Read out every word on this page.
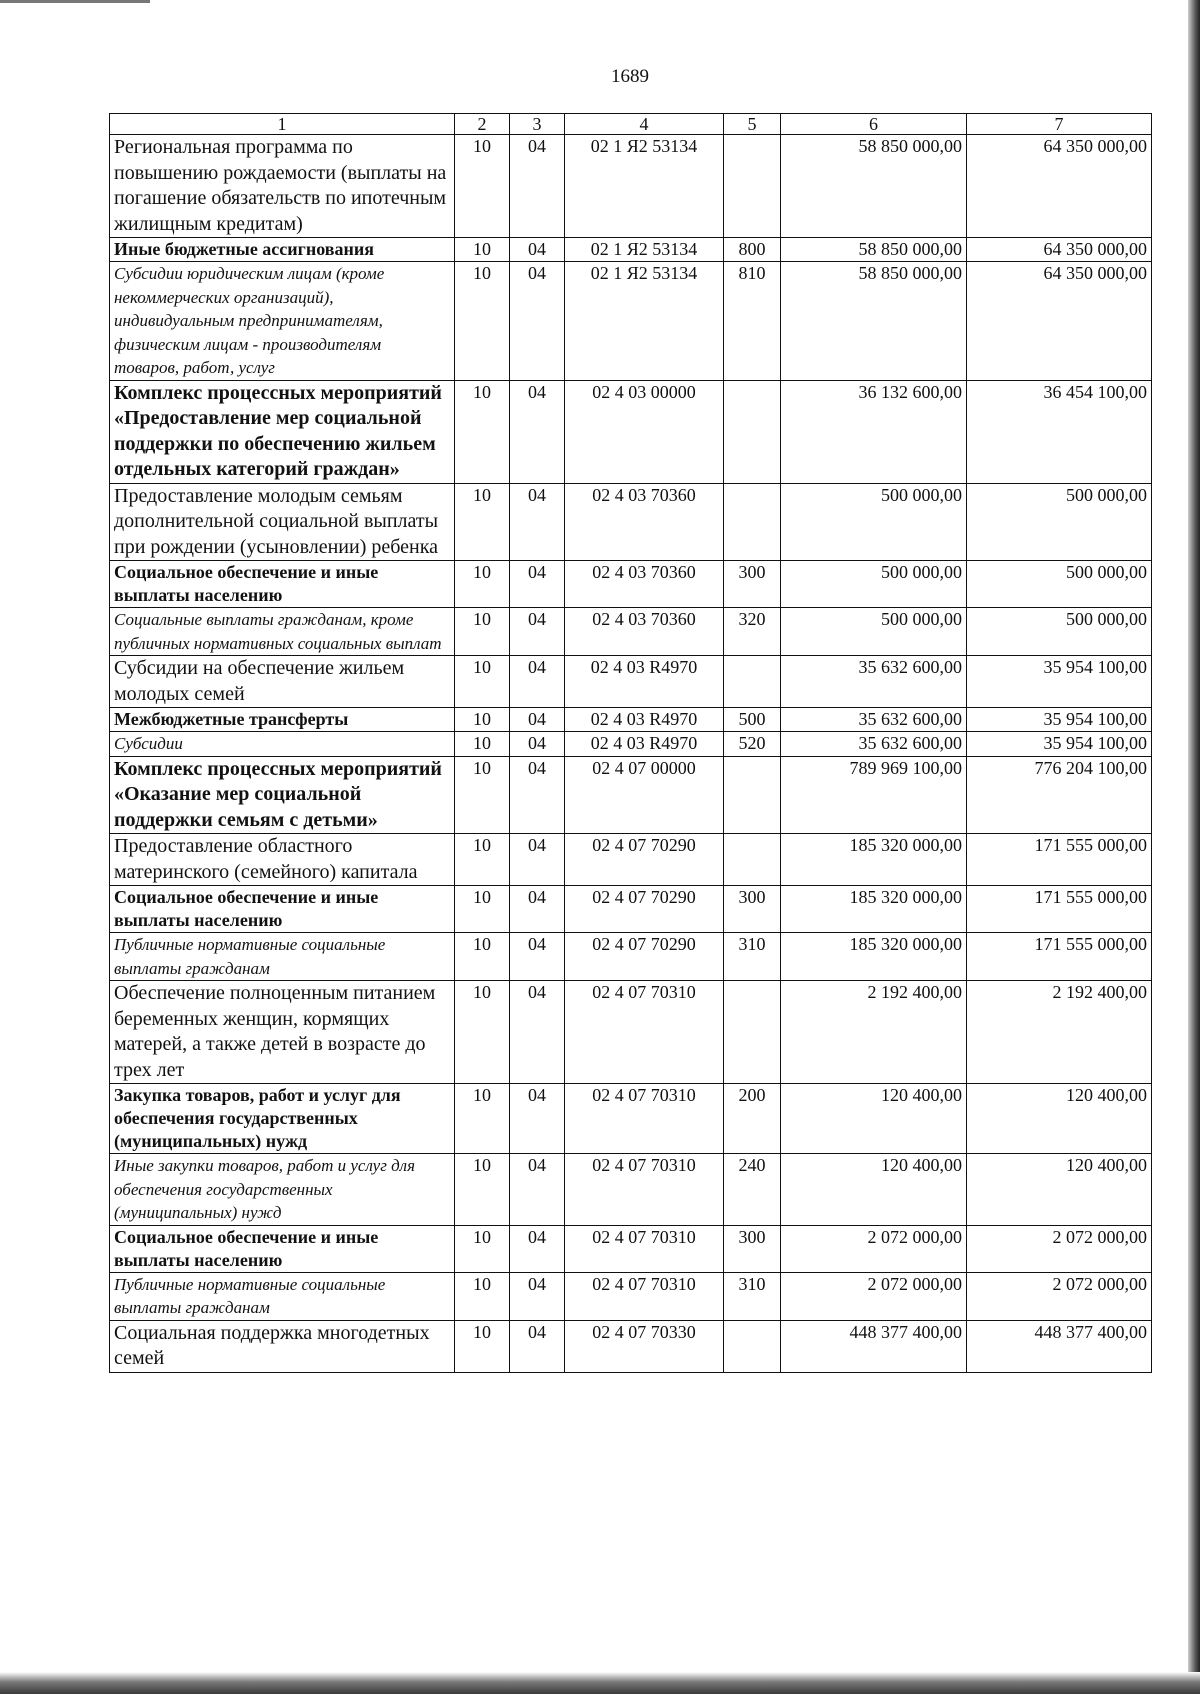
1689
1	2	3	4	5	6	7
Региональная программа по повышению рождаемости (выплаты на погашение обязательств по ипотечным жилищным кредитам)	10	04	02 1 Я2 53134		58 850 000,00	64 350 000,00
Иные бюджетные ассигнования	10	04	02 1 Я2 53134	800	58 850 000,00	64 350 000,00
Субсидии юридическим лицам (кроме некоммерческих организаций), индивидуальным предпринимателям, физическим лицам - производителям товаров, работ, услуг	10	04	02 1 Я2 53134	810	58 850 000,00	64 350 000,00
Комплекс процессных мероприятий «Предоставление мер социальной поддержки по обеспечению жильем отдельных категорий граждан»	10	04	02 4 03 00000		36 132 600,00	36 454 100,00
Предоставление молодым семьям дополнительной социальной выплаты при рождении (усыновлении) ребенка	10	04	02 4 03 70360		500 000,00	500 000,00
Социальное обеспечение и иные выплаты населению	10	04	02 4 03 70360	300	500 000,00	500 000,00
Социальные выплаты гражданам, кроме публичных нормативных социальных выплат	10	04	02 4 03 70360	320	500 000,00	500 000,00
Субсидии на обеспечение жильем молодых семей	10	04	02 4 03 R4970		35 632 600,00	35 954 100,00
Межбюджетные трансферты	10	04	02 4 03 R4970	500	35 632 600,00	35 954 100,00
Субсидии	10	04	02 4 03 R4970	520	35 632 600,00	35 954 100,00
Комплекс процессных мероприятий «Оказание мер социальной поддержки семьям с детьми»	10	04	02 4 07 00000		789 969 100,00	776 204 100,00
Предоставление областного материнского (семейного) капитала	10	04	02 4 07 70290		185 320 000,00	171 555 000,00
Социальное обеспечение и иные выплаты населению	10	04	02 4 07 70290	300	185 320 000,00	171 555 000,00
Публичные нормативные социальные выплаты гражданам	10	04	02 4 07 70290	310	185 320 000,00	171 555 000,00
Обеспечение полноценным питанием беременных женщин, кормящих матерей, а также детей в возрасте до трех лет	10	04	02 4 07 70310		2 192 400,00	2 192 400,00
Закупка товаров, работ и услуг для обеспечения государственных (муниципальных) нужд	10	04	02 4 07 70310	200	120 400,00	120 400,00
Иные закупки товаров, работ и услуг для обеспечения государственных (муниципальных) нужд	10	04	02 4 07 70310	240	120 400,00	120 400,00
Социальное обеспечение и иные выплаты населению	10	04	02 4 07 70310	300	2 072 000,00	2 072 000,00
Публичные нормативные социальные выплаты гражданам	10	04	02 4 07 70310	310	2 072 000,00	2 072 000,00
Социальная поддержка многодетных семей	10	04	02 4 07 70330		448 377 400,00	448 377 400,00
